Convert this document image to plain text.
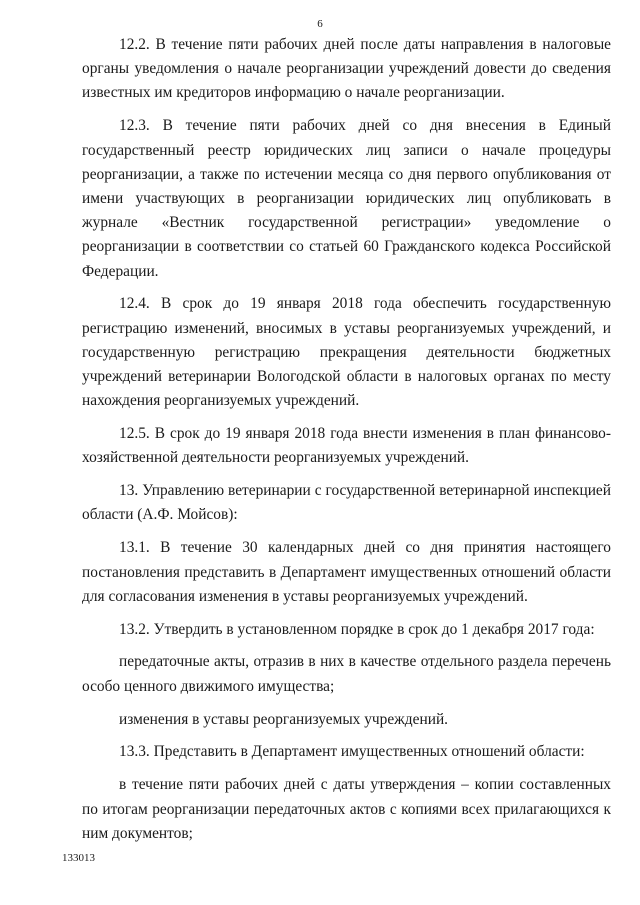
6

12.2. В течение пяти рабочих дней после даты направления в налоговые органы уведомления о начале реорганизации учреждений довести до сведения известных им кредиторов информацию о начале реорганизации.

12.3. В течение пяти рабочих дней со дня внесения в Единый государственный реестр юридических лиц записи о начале процедуры реорганизации, а также по истечении месяца со дня первого опубликования от имени участвующих в реорганизации юридических лиц опубликовать в журнале «Вестник государственной регистрации» уведомление о реорганизации в соответствии со статьей 60 Гражданского кодекса Российской Федерации.

12.4. В срок до 19 января 2018 года обеспечить государственную регистрацию изменений, вносимых в уставы реорганизуемых учреждений, и государственную регистрацию прекращения деятельности бюджетных учреждений ветеринарии Вологодской области в налоговых органах по месту нахождения реорганизуемых учреждений.

12.5. В срок до 19 января 2018 года внести изменения в план финансово-хозяйственной деятельности реорганизуемых учреждений.

13. Управлению ветеринарии с государственной ветеринарной инспекцией области (А.Ф. Мойсов):

13.1. В течение 30 календарных дней со дня принятия настоящего постановления представить в Департамент имущественных отношений области для согласования изменения в уставы реорганизуемых учреждений.

13.2. Утвердить в установленном порядке в срок до 1 декабря 2017 года:

передаточные акты, отразив в них в качестве отдельного раздела перечень особо ценного движимого имущества;

изменения в уставы реорганизуемых учреждений.

13.3. Представить в Департамент имущественных отношений области:

в течение пяти рабочих дней с даты утверждения – копии составленных по итогам реорганизации передаточных актов с копиями всех прилагающихся к ним документов;

133013
